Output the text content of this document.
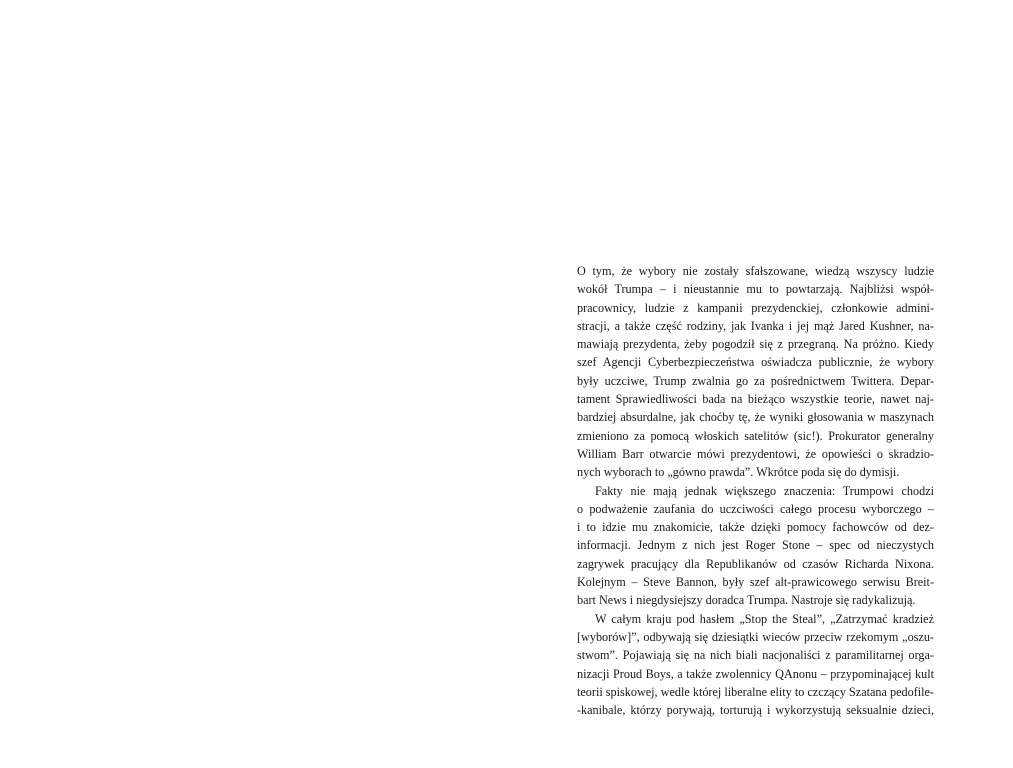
O tym, że wybory nie zostały sfałszowane, wiedzą wszyscy ludzie
wokół Trumpa – i nieustannie mu to powtarzają. Najbliżsi współ-
pracownicy, ludzie z kampanii prezydenckiej, członkowie admini-
stracji, a także część rodziny, jak Ivanka i jej mąż Jared Kushner, na-
mawiają prezydenta, żeby pogodził się z przegraną. Na próżno. Kiedy
szef Agencji Cyberbezpieczeństwa oświadcza publicznie, że wybory
były uczciwe, Trump zwalnia go za pośrednictwem Twittera. Depar-
tament Sprawiedliwości bada na bieżąco wszystkie teorie, nawet naj-
bardziej absurdalne, jak choćby tę, że wyniki głosowania w maszynach
zmieniono za pomocą włoskich satelitów (sic!). Prokurator generalny
William Barr otwarcie mówi prezydentowi, że opowieści o skradzio-
nych wyborach to „gówno prawda”. Wkrótce poda się do dymisji.
Fakty nie mają jednak większego znaczenia: Trumpowi chodzi
o podważenie zaufania do uczciwości całego procesu wyborczego –
i to idzie mu znakomicie, także dzięki pomocy fachowców od dez-
informacji. Jednym z nich jest Roger Stone – spec od nieczystych
zagrywek pracujący dla Republikanów od czasów Richarda Nixona.
Kolejnym – Steve Bannon, były szef alt-prawicowego serwisu Breit-
bart News i niegdysiejszy doradca Trumpa. Nastroje się radykalizują.
W całym kraju pod hasłem „Stop the Steal”, „Zatrzymać kradzież
[wyborów]”, odbywają się dziesiątki wieców przeciw rzekomym „oszu-
stwom”. Pojawiają się na nich biali nacjonaliści z paramilitarnej orga-
nizacji Proud Boys, a także zwolennicy QAnonu – przypominającej kult
teorii spiskowej, wedle której liberalne elity to czczący Szatana pedofile-
-kanibale, którzy porywają, torturują i wykorzystują seksualnie dzieci,
